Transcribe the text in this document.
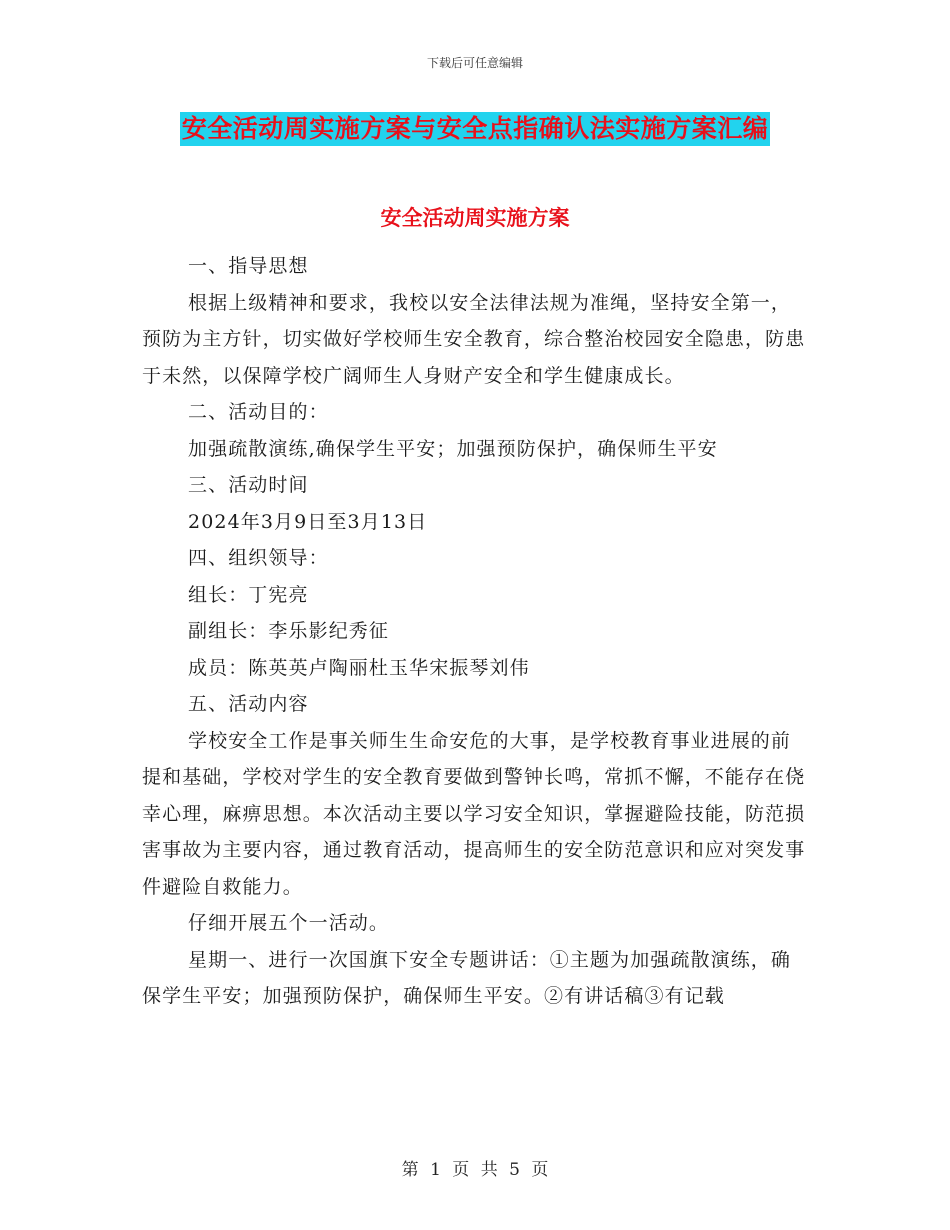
下载后可任意编辑
安全活动周实施方案与安全点指确认法实施方案汇编
安全活动周实施方案

一、指导思想

根据上级精神和要求，我校以安全法律法规为准绳，坚持安全第一，预防为主方针，切实做好学校师生安全教育，综合整治校园安全隐患，防患于未然，以保障学校广阔师生人身财产安全和学生健康成长。

二、活动目的：

加强疏散演练,确保学生平安；加强预防保护，确保师生平安

三、活动时间

2024年3月9日至3月13日

四、组织领导：

组长：丁宪亮

副组长：李乐影纪秀征

成员：陈英英卢陶丽杜玉华宋振琴刘伟

五、活动内容

学校安全工作是事关师生生命安危的大事，是学校教育事业进展的前提和基础，学校对学生的安全教育要做到警钟长鸣，常抓不懈，不能存在侥幸心理，麻痹思想。本次活动主要以学习安全知识，掌握避险技能，防范损害事故为主要内容，通过教育活动，提高师生的安全防范意识和应对突发事件避险自救能力。

仔细开展五个一活动。

星期一、进行一次国旗下安全专题讲话：①主题为加强疏散演练，确保学生平安；加强预防保护，确保师生平安。②有讲话稿③有记载

第 1 页 共 5 页
